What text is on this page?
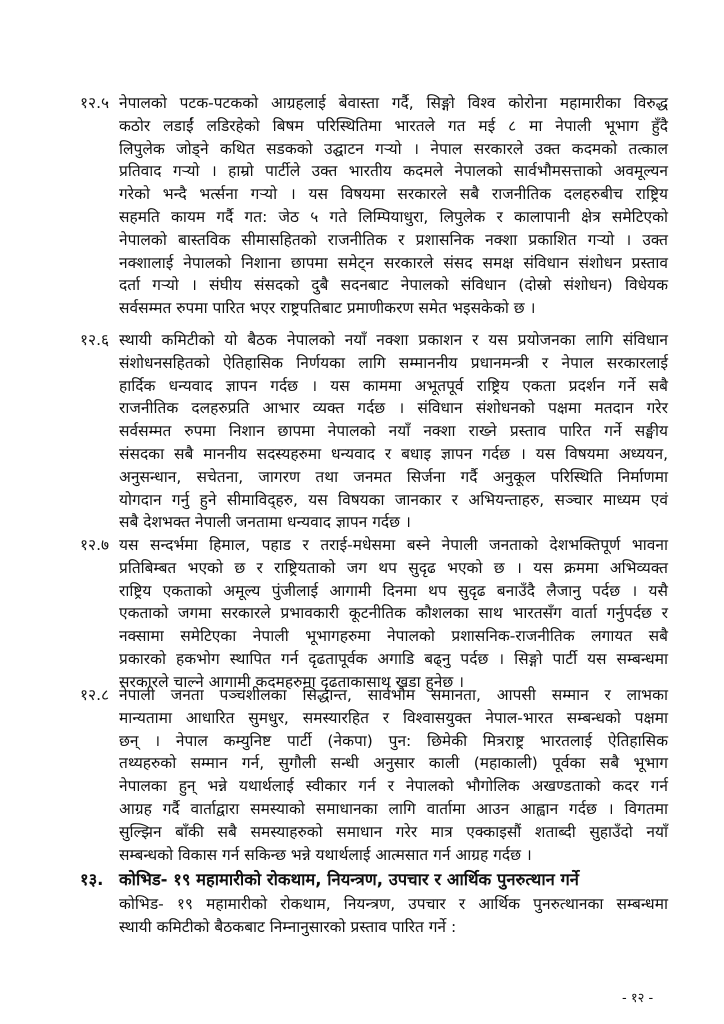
१२.५ नेपालको पटक-पटकको आग्रहलाई बेवास्ता गर्दै, सिङ्गो विश्व कोरोना महामारीका विरुद्ध
कठोर लडाईं लडिरहेको बिषम परिस्थितिमा भारतले गत मई ८ मा नेपाली भूभाग हुँदै
लिपुलेक जोड्ने कथित सडकको उद्घाटन गऱ्यो । नेपाल सरकारले उक्त कदमको तत्काल
प्रतिवाद गऱ्यो । हाम्रो पार्टीले उक्त भारतीय कदमले नेपालको सार्वभौमसत्ताको अवमूल्यन
गरेको भन्दै भर्त्सना गऱ्यो । यस विषयमा सरकारले सबै राजनीतिक दलहरुबीच राष्ट्रिय
सहमति कायम गर्दै गत: जेठ ५ गते लिम्पियाधुरा, लिपुलेक र कालापानी क्षेत्र समेटिएको
नेपालको बास्तविक सीमासहितको राजनीतिक र प्रशासनिक नक्शा प्रकाशित गऱ्यो । उक्त
नक्शालाई नेपालको निशाना छापमा समेट्न सरकारले संसद समक्ष संविधान संशोधन प्रस्ताव
दर्ता गऱ्यो । संघीय संसदको दुबै सदनबाट नेपालको संविधान (दोस्रो संशोधन) विधेयक
सर्वसम्मत रुपमा पारित भएर राष्ट्रपतिबाट प्रमाणीकरण समेत भइसकेको छ ।
१२.६ स्थायी कमिटीको यो बैठक नेपालको नयाँ नक्शा प्रकाशन र यस प्रयोजनका लागि संविधान
संशोधनसहितको ऐतिहासिक निर्णयका लागि सम्माननीय प्रधानमन्त्री र नेपाल सरकारलाई
हार्दिक धन्यवाद ज्ञापन गर्दछ । यस काममा अभूतपूर्व राष्ट्रिय एकता प्रदर्शन गर्ने सबै
राजनीतिक दलहरुप्रति आभार व्यक्त गर्दछ । संविधान संशोधनको पक्षमा मतदान गरेर
सर्वसम्मत रुपमा निशान छापमा नेपालको नयाँ नक्शा राख्ने प्रस्ताव पारित गर्ने सङ्घीय
संसदका सबै माननीय सदस्यहरुमा धन्यवाद र बधाइ ज्ञापन गर्दछ । यस विषयमा अध्ययन,
अनुसन्धान, सचेतना, जागरण तथा जनमत सिर्जना गर्दै अनुकूल परिस्थिति निर्माणमा
योगदान गर्नु हुने सीमाविद्हरु, यस विषयका जानकार र अभियन्ताहरु, सञ्चार माध्यम एवं
सबै देशभक्त नेपाली जनतामा धन्यवाद ज्ञापन गर्दछ ।
१२.७ यस सन्दर्भमा हिमाल, पहाड र तराई-मधेसमा बस्ने नेपाली जनताको देशभक्तिपूर्ण भावना
प्रतिबिम्बत भएको छ र राष्ट्रियताको जग थप सुदृढ भएको छ । यस क्रममा अभिव्यक्त
राष्ट्रिय एकताको अमूल्य पुंजीलाई आगामी दिनमा थप सुदृढ बनाउँदै लैजानु पर्दछ । यसै
एकताको जगमा सरकारले प्रभावकारी कूटनीतिक कौशलका साथ भारतसँग वार्ता गर्नुपर्दछ र
नक्सामा समेटिएका नेपाली भूभागहरुमा नेपालको प्रशासनिक-राजनीतिक लगायत सबै
प्रकारको हकभोग स्थापित गर्न दृढतापूर्वक अगाडि बढ्नु पर्दछ । सिङ्गो पार्टी यस सम्बन्धमा
सरकारले चाल्ने आगामी कदमहरुमा दृढताकासाथ खडा हुनेछ ।
१२.८ नेपाली जनता पञ्चशीलका सिद्धान्त, सार्वभौम समानता, आपसी सम्मान र लाभका
मान्यतामा आधारित सुमधुर, समस्यारहित र विश्वासयुक्त नेपाल-भारत सम्बन्धको पक्षमा
छन् । नेपाल कम्युनिष्ट पार्टी (नेकपा) पुन: छिमेकी मित्रराष्ट्र भारतलाई ऐतिहासिक
तथ्यहरुको सम्मान गर्न, सुगौली सन्धी अनुसार काली (महाकाली) पूर्वका सबै भूभाग
नेपालका हुन् भन्ने यथार्थलाई स्वीकार गर्न र नेपालको भौगोलिक अखण्डताको कदर गर्न
आग्रह गर्दै वार्ताद्वारा समस्याको समाधानका लागि वार्तामा आउन आह्वान गर्दछ । विगतमा
सुल्झिन बाँकी सबै समस्याहरुको समाधान गरेर मात्र एक्काइसौं शताब्दी सुहाउँदो नयाँ
सम्बन्धको विकास गर्न सकिन्छ भन्ने यथार्थलाई आत्मसात गर्न आग्रह गर्दछ ।
१३. कोभिड- १९ महामारीको रोकथाम, नियन्त्रण, उपचार र आर्थिक पुनरुत्थान गर्ने
कोभिड- १९ महामारीको रोकथाम, नियन्त्रण, उपचार र आर्थिक पुनरुत्थानका सम्बन्धमा
स्थायी कमिटीको बैठकबाट निम्नानुसारको प्रस्ताव पारित गर्ने :
- १२ -
